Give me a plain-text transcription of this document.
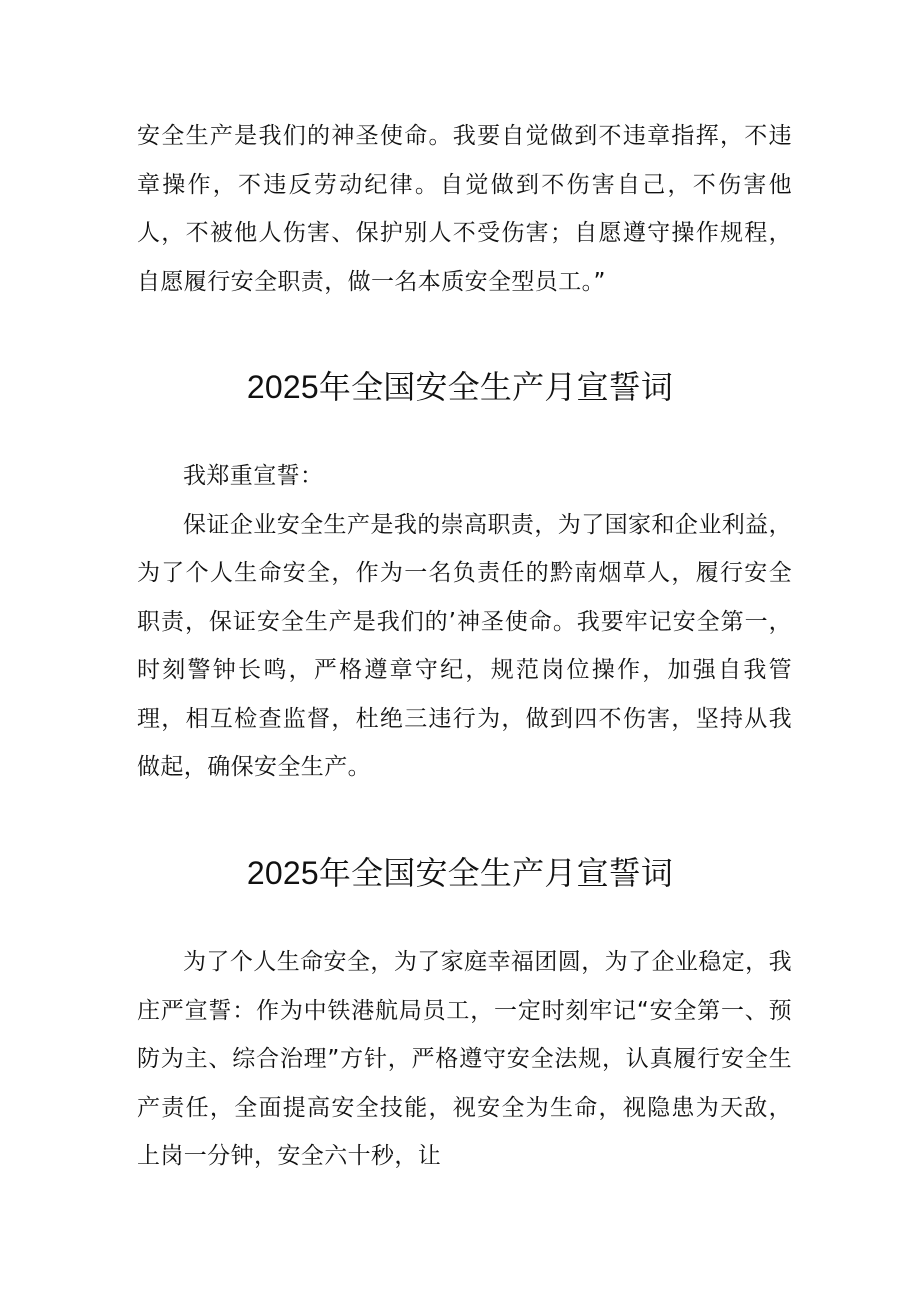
安全生产是我们的神圣使命。我要自觉做到不违章指挥，不违章操作，不违反劳动纪律。自觉做到不伤害自己，不伤害他人，不被他人伤害、保护别人不受伤害；自愿遵守操作规程，自愿履行安全职责，做一名本质安全型员工。”

2025年全国安全生产月宣誓词

我郑重宣誓：

保证企业安全生产是我的崇高职责，为了国家和企业利益，为了个人生命安全，作为一名负责任的黔南烟草人，履行安全职责，保证安全生产是我们的’神圣使命。我要牢记安全第一，时刻警钟长鸣，严格遵章守纪，规范岗位操作，加强自我管理，相互检查监督，杜绝三违行为，做到四不伤害，坚持从我做起，确保安全生产。

2025年全国安全生产月宣誓词

为了个人生命安全，为了家庭幸福团圆，为了企业稳定，我庄严宣誓：作为中铁港航局员工，一定时刻牢记“安全第一、预防为主、综合治理”方针，严格遵守安全法规，认真履行安全生产责任，全面提高安全技能，视安全为生命，视隐患为天敌，上岗一分钟，安全六十秒，让
